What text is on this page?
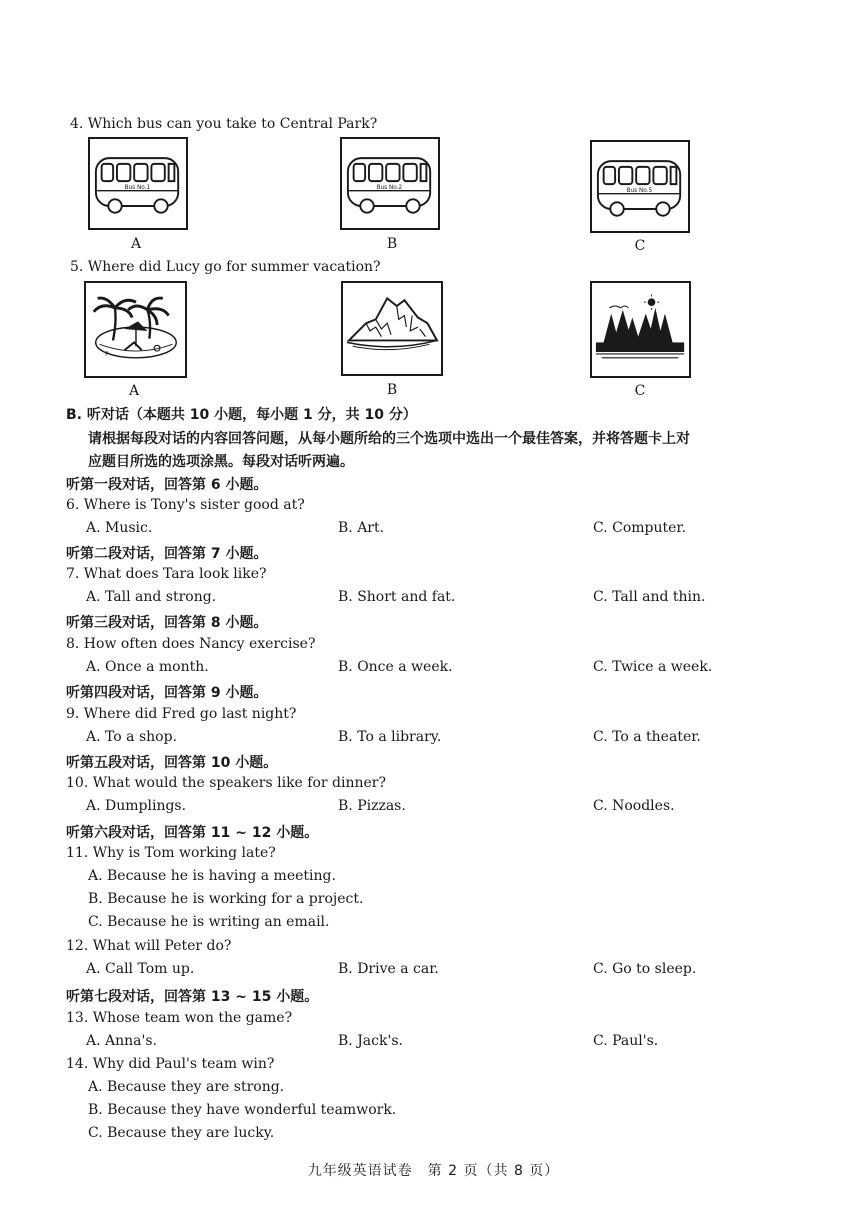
4. Which bus can you take to Central Park?
Bus No.1
A
Bus No.2
B
Bus No.5
C
5. Where did Lucy go for summer vacation?
P
A	B	C
B. 听对话（本题共 10 小题，每小题 1 分，共 10 分）
请根据每段对话的内容回答问题，从每小题所给的三个选项中选出一个最佳答案，并将答题卡上对
应题目所选的选项涂黑。每段对话听两遍。
听第一段对话，回答第 6 小题。
6. Where is Tony's sister good at?
A. Music.	B. Art.	C. Computer.
听第二段对话，回答第 7 小题。
7. What does Tara look like?
A. Tall and strong.	B. Short and fat.	C. Tall and thin.
听第三段对话，回答第 8 小题。
8. How often does Nancy exercise?
A. Once a month.	B. Once a week.	C. Twice a week.
听第四段对话，回答第 9 小题。
9. Where did Fred go last night?
A. To a shop.	B. To a library.	C. To a theater.
听第五段对话，回答第 10 小题。
10. What would the speakers like for dinner?
A. Dumplings.	B. Pizzas.	C. Noodles.
听第六段对话，回答第 11 ~ 12 小题。
11. Why is Tom working late?
A. Because he is having a meeting.
B. Because he is working for a project.
C. Because he is writing an email.
12. What will Peter do?
A. Call Tom up.	B. Drive a car.	C. Go to sleep.
听第七段对话，回答第 13 ~ 15 小题。
13. Whose team won the game?
A. Anna's.	B. Jack's.	C. Paul's.
14. Why did Paul's team win?
A. Because they are strong.
B. Because they have wonderful teamwork.
C. Because they are lucky.
九年级英语试卷　第 2 页（共 8 页）
